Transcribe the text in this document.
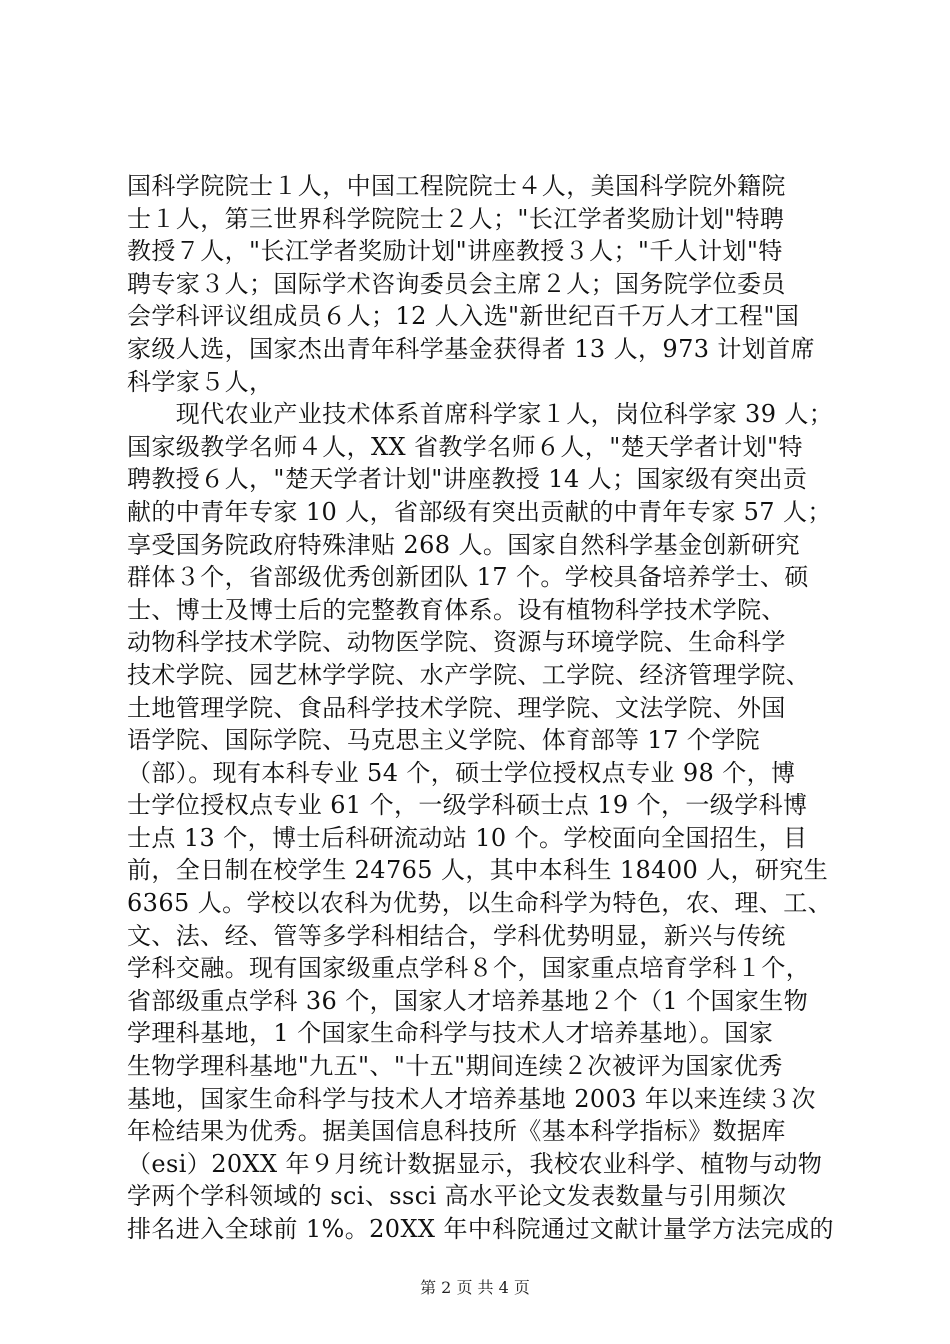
国科学院院士１人，中国工程院院士４人，美国科学院外籍院
士１人，第三世界科学院院士２人；"长江学者奖励计划"特聘
教授７人，"长江学者奖励计划"讲座教授３人；"千人计划"特
聘专家３人；国际学术咨询委员会主席２人；国务院学位委员
会学科评议组成员６人；12 人入选"新世纪百千万人才工程"国
家级人选，国家杰出青年科学基金获得者 13 人，973 计划首席
科学家５人，
　　现代农业产业技术体系首席科学家１人，岗位科学家 39 人；
国家级教学名师４人，XX 省教学名师６人，"楚天学者计划"特
聘教授６人，"楚天学者计划"讲座教授 14 人；国家级有突出贡
献的中青年专家 10 人，省部级有突出贡献的中青年专家 57 人；
享受国务院政府特殊津贴 268 人。国家自然科学基金创新研究
群体３个，省部级优秀创新团队 17 个。学校具备培养学士、硕
士、博士及博士后的完整教育体系。设有植物科学技术学院、
动物科学技术学院、动物医学院、资源与环境学院、生命科学
技术学院、园艺林学学院、水产学院、工学院、经济管理学院、
土地管理学院、食品科学技术学院、理学院、文法学院、外国
语学院、国际学院、马克思主义学院、体育部等 17 个学院
（部）。现有本科专业 54 个，硕士学位授权点专业 98 个，博
士学位授权点专业 61 个，一级学科硕士点 19 个，一级学科博
士点 13 个，博士后科研流动站 10 个。学校面向全国招生，目
前，全日制在校学生 24765 人，其中本科生 18400 人，研究生
6365 人。学校以农科为优势，以生命科学为特色，农、理、工、
文、法、经、管等多学科相结合，学科优势明显，新兴与传统
学科交融。现有国家级重点学科８个，国家重点培育学科１个，
省部级重点学科 36 个，国家人才培养基地２个（1 个国家生物
学理科基地，1 个国家生命科学与技术人才培养基地）。国家
生物学理科基地"九五"、"十五"期间连续２次被评为国家优秀
基地，国家生命科学与技术人才培养基地 2003 年以来连续３次
年检结果为优秀。据美国信息科技所《基本科学指标》数据库
（esi）20XX 年９月统计数据显示，我校农业科学、植物与动物
学两个学科领域的 sci、ssci 高水平论文发表数量与引用频次
排名进入全球前 1%。20XX 年中科院通过文献计量学方法完成的
第 2 页 共 4 页
